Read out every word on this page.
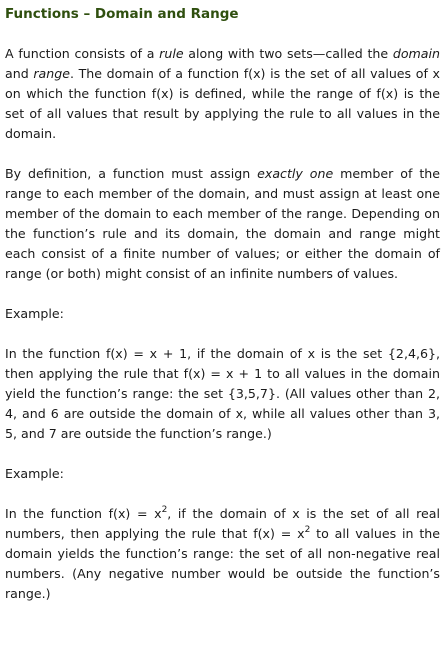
Functions – Domain and Range

A function consists of a rule along with two sets—called the domain and range. The domain of a function f(x) is the set of all values of x on which the function f(x) is defined, while the range of f(x) is the set of all values that result by applying the rule to all values in the domain.

By definition, a function must assign exactly one member of the range to each member of the domain, and must assign at least one member of the domain to each member of the range. Depending on the function’s rule and its domain, the domain and range might each consist of a finite number of values; or either the domain of range (or both) might consist of an infinite numbers of values.

Example:

In the function f(x) = x + 1, if the domain of x is the set {2,4,6}, then applying the rule that f(x) = x + 1 to all values in the domain yield the function’s range: the set {3,5,7}. (All values other than 2, 4, and 6 are outside the domain of x, while all values other than 3, 5, and 7 are outside the function’s range.)

Example:

In the function $f(x) = x^2$, if the domain of x is the set of all real numbers, then applying the rule that $f(x) = x^2$ to all values in the domain yields the function’s range: the set of all non-negative real numbers. (Any negative number would be outside the function’s range.)
